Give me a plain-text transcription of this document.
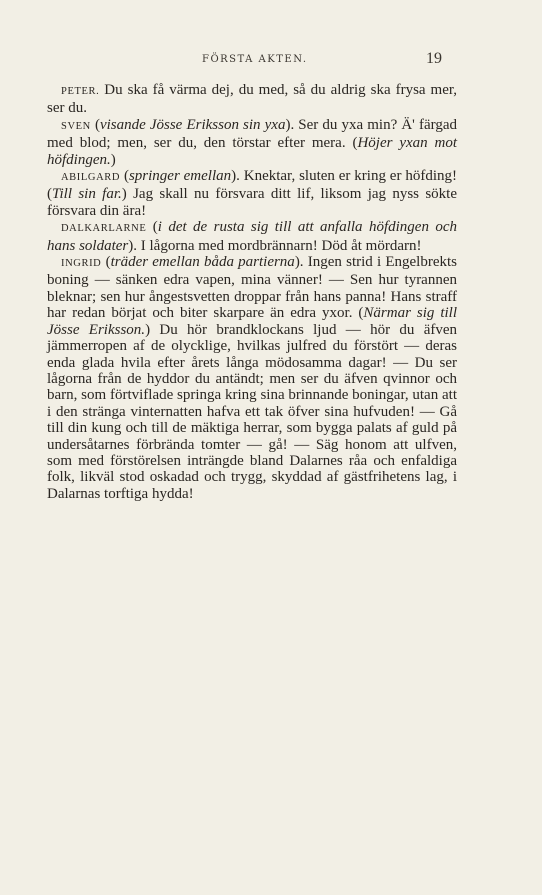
FÖRSTA AKTEN.	19

PETER. Du ska få värma dej, du med, så du aldrig ska frysa mer, ser du.

SVEN (visande Jösse Eriksson sin yxa). Ser du yxa min? Ä' färgad med blod; men, ser du, den törstar efter mera. (Höjer yxan mot höfdingen.)

ABILGARD (springer emellan). Knektar, sluten er kring er höfding! (Till sin far.) Jag skall nu försvara ditt lif, liksom jag nyss sökte försvara din ära!

DALKARLARNE (i det de rusta sig till att anfalla höfdingen och hans soldater). I lågorna med mordbrännarn! Död åt mördarn!

INGRID (träder emellan båda partierna). Ingen strid i Engelbrekts boning — sänken edra vapen, mina vänner! — Sen hur tyrannen bleknar; sen hur ångestsvetten droppar från hans panna! Hans straff har redan börjat och biter skarpare än edra yxor. (Närmar sig till Jösse Eriksson.) Du hör brandklockans ljud — hör du äfven jämmerropen af de olycklige, hvilkas julfred du förstört — deras enda glada hvila efter årets långa mödosamma dagar! — Du ser lågorna från de hyddor du antändt; men ser du äfven qvinnor och barn, som förtviflade springa kring sina brinnande boningar, utan att i den stränga vinternatten hafva ett tak öfver sina hufvuden! — Gå till din kung och till de mäktiga herrar, som bygga palats af guld på undersåtarnes förbrända tomter — gå! — Säg honom att ulfven, som med förstörelsen inträngde bland Dalarnes råa och enfaldiga folk, likväl stod oskadad och trygg, skyddad af gästfrihetens lag, i Dalarnas torftiga hyddа!
